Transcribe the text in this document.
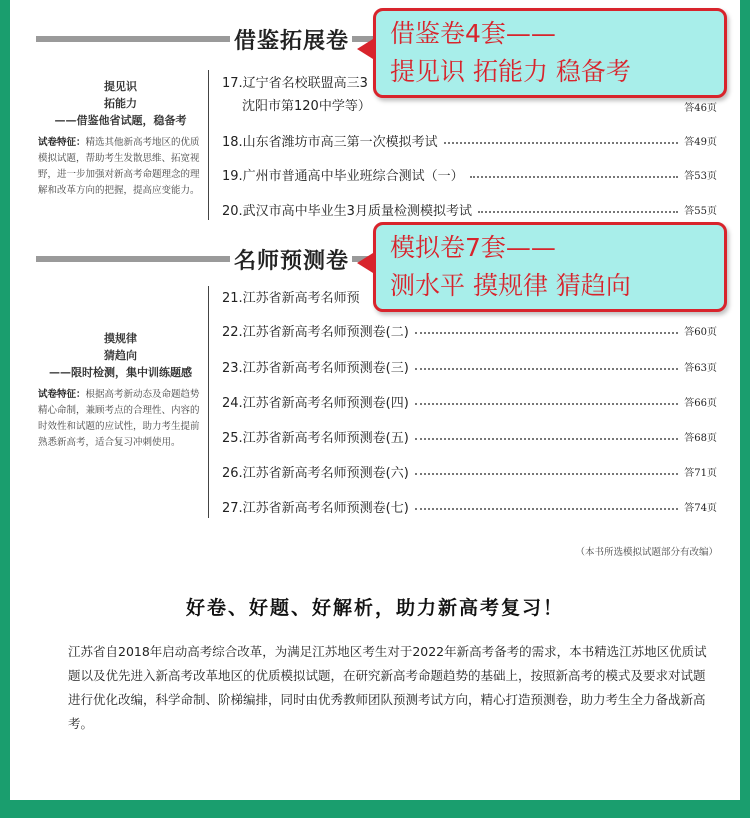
借鉴拓展卷
提见识
拓能力
——借鉴他省试题，稳备考
试卷特征：精选其他新高考地区的优质模拟试题，帮助考生发散思维、拓宽视野，进一步加强对新高考命题理念的理解和改革方向的把握，提高应变能力。
17.辽宁省名校联盟高三3
沈阳市第120中学等）	答46页
18.山东省潍坊市高三第一次模拟考试	答49页
19.广州市普通高中毕业班综合测试（一）	答53页
20.武汉市高中毕业生3月质量检测模拟考试	答55页
借鉴卷4套——
提见识 拓能力 稳备考
名师预测卷
摸规律
猜趋向
——限时检测，集中训练题感
试卷特征：根据高考新动态及命题趋势精心命制，兼顾考点的合理性、内容的时效性和试题的应试性，助力考生提前熟悉新高考，适合复习冲刺使用。
21.江苏省新高考名师预
22.江苏省新高考名师预测卷(二)	答60页
23.江苏省新高考名师预测卷(三)	答63页
24.江苏省新高考名师预测卷(四)	答66页
25.江苏省新高考名师预测卷(五)	答68页
26.江苏省新高考名师预测卷(六)	答71页
27.江苏省新高考名师预测卷(七)	答74页
模拟卷7套——
测水平 摸规律 猜趋向
（本书所选模拟试题部分有改编）
好卷、好题、好解析，助力新高考复习！
江苏省自2018年启动高考综合改革，为满足江苏地区考生对于2022年新高考备考的需求，本书精选江苏地区优质试题以及优先进入新高考改革地区的优质模拟试题，在研究新高考命题趋势的基础上，按照新高考的模式及要求对试题进行优化改编，科学命制、阶梯编排，同时由优秀教师团队预测考试方向，精心打造预测卷，助力考生全力备战新高考。
